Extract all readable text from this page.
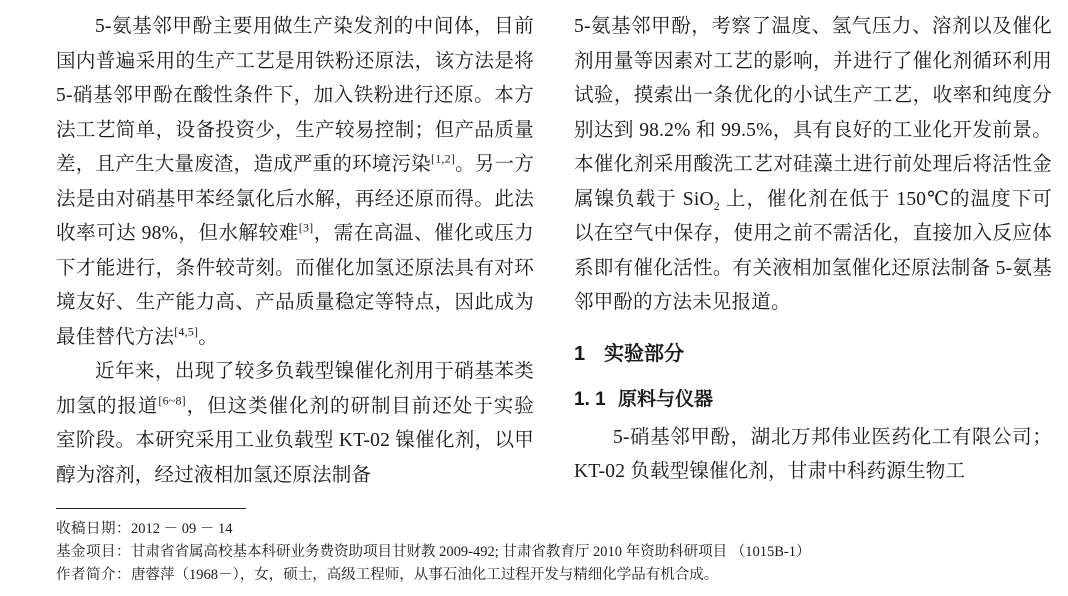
5-氨基邻甲酚主要用做生产染发剂的中间体，目前国内普遍采用的生产工艺是用铁粉还原法，该方法是将 5-硝基邻甲酚在酸性条件下，加入铁粉进行还原。本方法工艺简单，设备投资少，生产较易控制；但产品质量差，且产生大量废渣，造成严重的环境污染[1,2]。另一方法是由对硝基甲苯经氯化后水解，再经还原而得。此法收率可达 98%，但水解较难[3]，需在高温、催化或压力下才能进行，条件较苛刻。而催化加氢还原法具有对环境友好、生产能力高、产品质量稳定等特点，因此成为最佳替代方法[4,5]。

近年来，出现了较多负载型镍催化剂用于硝基苯类加氢的报道[6~8]，但这类催化剂的研制目前还处于实验室阶段。本研究采用工业负载型 KT-02 镍催化剂，以甲醇为溶剂，经过液相加氢还原法制备

5-氨基邻甲酚，考察了温度、氢气压力、溶剂以及催化剂用量等因素对工艺的影响，并进行了催化剂循环利用试验，摸索出一条优化的小试生产工艺，收率和纯度分别达到 98.2% 和 99.5%，具有良好的工业化开发前景。本催化剂采用酸洗工艺对硅藻土进行前处理后将活性金属镍负载于 SiO$_2$ 上，催化剂在低于 150℃的温度下可以在空气中保存，使用之前不需活化，直接加入反应体系即有催化活性。有关液相加氢催化还原法制备 5-氨基邻甲酚的方法未见报道。

1 实验部分
1. 1 原料与仪器

5-硝基邻甲酚，湖北万邦伟业医药化工有限公司；KT-02 负载型镍催化剂，甘肃中科药源生物工

收稿日期：2012 － 09 － 14
基金项目：甘肃省省属高校基本科研业务费资助项目甘财教 2009-492; 甘肃省教育厅 2010 年资助科研项目 （1015B-1）
作者简介：唐蓉萍（1968－），女，硕士，高级工程师，从事石油化工过程开发与精细化学品有机合成。
